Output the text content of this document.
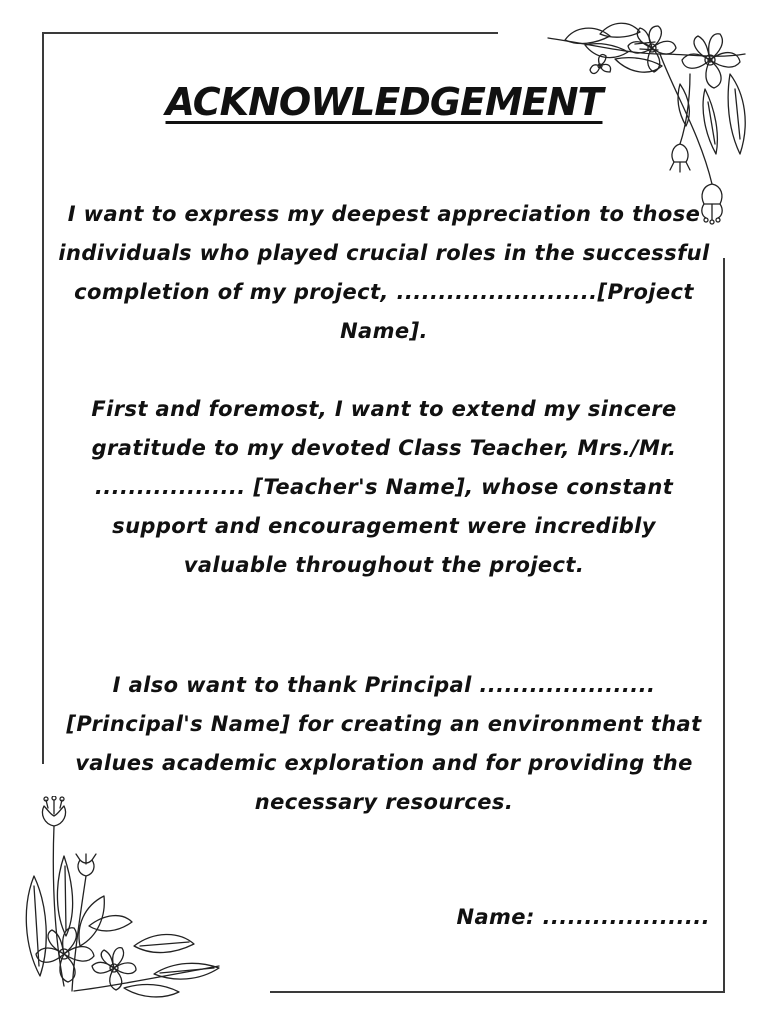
ACKNOWLEDGEMENT

I want to express my deepest appreciation to those individuals who played crucial roles in the successful completion of my project, ........................[Project Name].

First and foremost, I want to extend my sincere gratitude to my devoted Class Teacher, Mrs./Mr. .................. [Teacher's Name], whose constant support and encouragement were incredibly valuable throughout the project.

I also want to thank Principal ..................... [Principal's Name] for creating an environment that values academic exploration and for providing the necessary resources.

Name: ....................
